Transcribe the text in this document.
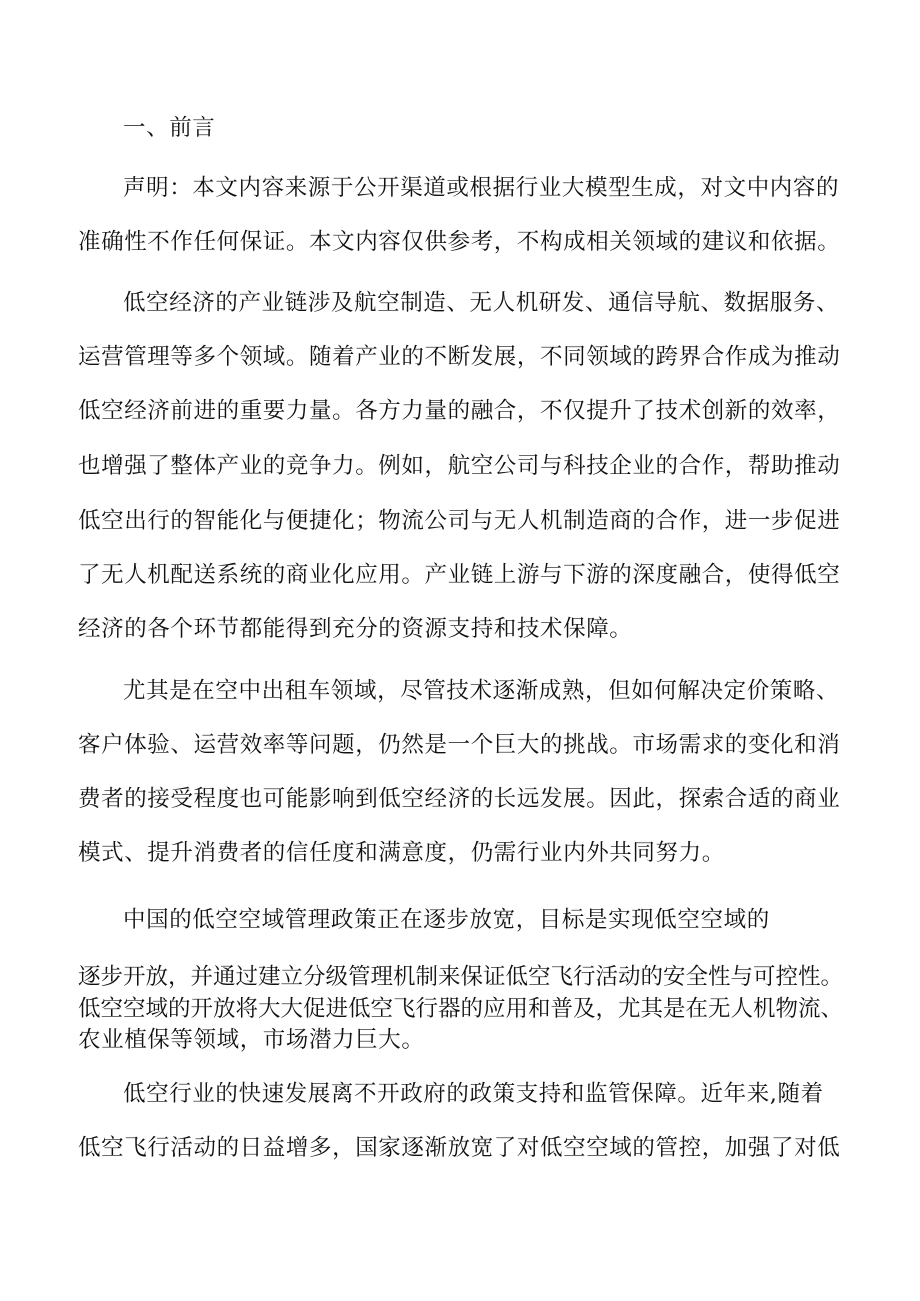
一、前言
声明：本文内容来源于公开渠道或根据行业大模型生成，对文中内容的
准确性不作任何保证。本文内容仅供参考，不构成相关领域的建议和依据。
低空经济的产业链涉及航空制造、无人机研发、通信导航、数据服务、
运营管理等多个领域。随着产业的不断发展，不同领域的跨界合作成为推动
低空经济前进的重要力量。各方力量的融合，不仅提升了技术创新的效率，
也增强了整体产业的竞争力。例如，航空公司与科技企业的合作，帮助推动
低空出行的智能化与便捷化；物流公司与无人机制造商的合作，进一步促进
了无人机配送系统的商业化应用。产业链上游与下游的深度融合，使得低空
经济的各个环节都能得到充分的资源支持和技术保障。
尤其是在空中出租车领域，尽管技术逐渐成熟，但如何解决定价策略、
客户体验、运营效率等问题，仍然是一个巨大的挑战。市场需求的变化和消
费者的接受程度也可能影响到低空经济的长远发展。因此，探索合适的商业
模式、提升消费者的信任度和满意度，仍需行业内外共同努力。
中国的低空空域管理政策正在逐步放宽，目标是实现低空空域的
逐步开放，并通过建立分级管理机制来保证低空飞行活动的安全性与可控性。
低空空域的开放将大大促进低空飞行器的应用和普及，尤其是在无人机物流、
农业植保等领域，市场潜力巨大。
低空行业的快速发展离不开政府的政策支持和监管保障。近年来,随着
低空飞行活动的日益增多，国家逐渐放宽了对低空空域的管控，加强了对低
